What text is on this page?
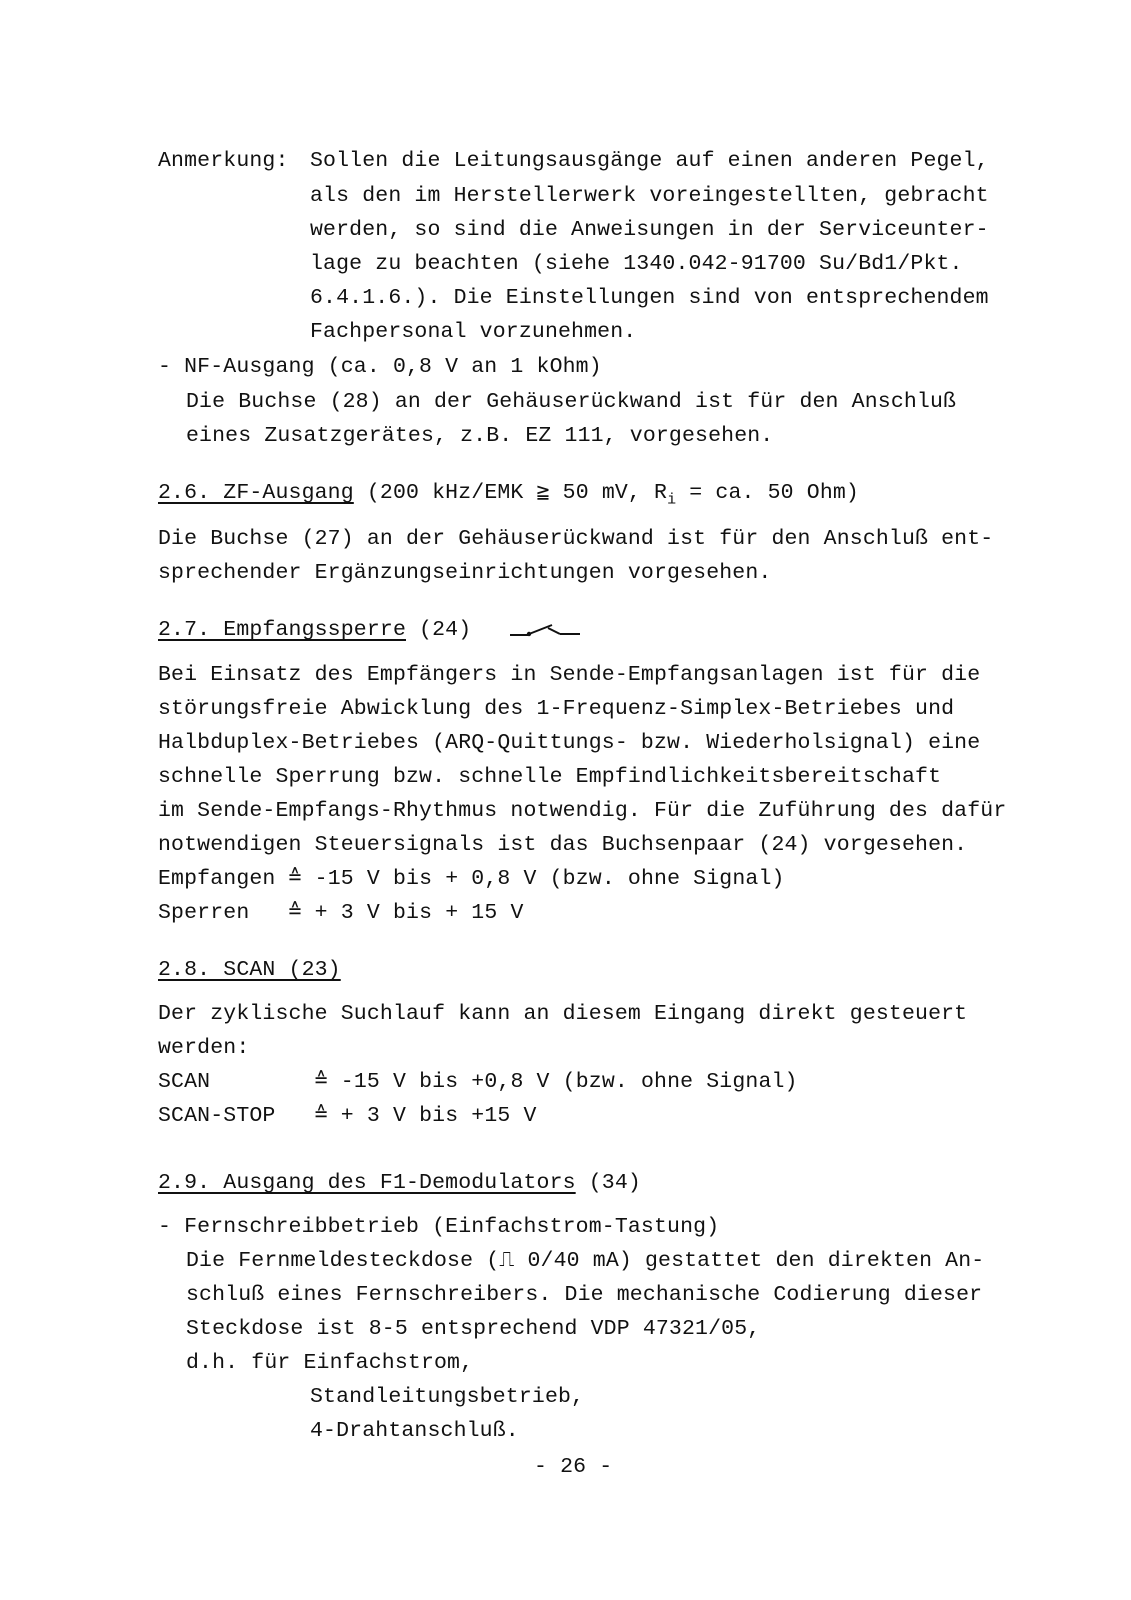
Anmerkung: Sollen die Leitungsausgänge auf einen anderen Pegel,
als den im Herstellerwerk voreingestellten, gebracht
werden, so sind die Anweisungen in der Serviceunter-
lage zu beachten (siehe 1340.042-91700 Su/Bd1/Pkt.
6.4.1.6.). Die Einstellungen sind von entsprechendem
Fachpersonal vorzunehmen.
- NF-Ausgang (ca. 0,8 V an 1 kOhm)
Die Buchse (28) an der Gehäuserückwand ist für den Anschluß
eines Zusatzgerätes, z.B. EZ 111, vorgesehen.
2.6. ZF-Ausgang (200 kHz/EMK ≧ 50 mV, $R_i$ = ca. 50 Ohm)
Die Buchse (27) an der Gehäuserückwand ist für den Anschluß ent-
sprechender Ergänzungseinrichtungen vorgesehen.
2.7. Empfangssperre (24)
Bei Einsatz des Empfängers in Sende-Empfangsanlagen ist für die
störungsfreie Abwicklung des 1-Frequenz-Simplex-Betriebes und
Halbduplex-Betriebes (ARQ-Quittungs- bzw. Wiederholsignal) eine
schnelle Sperrung bzw. schnelle Empfindlichkeitsbereitschaft
im Sende-Empfangs-Rhythmus notwendig. Für die Zuführung des dafür
notwendigen Steuersignals ist das Buchsenpaar (24) vorgesehen.
Empfangen ≙ -15 V bis + 0,8 V (bzw. ohne Signal)
Sperren   ≙ + 3 V bis + 15 V
2.8. SCAN (23)
Der zyklische Suchlauf kann an diesem Eingang direkt gesteuert
werden:
SCAN        ≙ -15 V bis +0,8 V (bzw. ohne Signal)
SCAN-STOP   ≙ + 3 V bis +15 V
2.9. Ausgang des F1-Demodulators (34)
- Fernschreibbetrieb (Einfachstrom-Tastung)
Die Fernmeldesteckdose (⎍ 0/40 mA) gestattet den direkten An-
schluß eines Fernschreibers. Die mechanische Codierung dieser
Steckdose ist 8-5 entsprechend VDP 47321/05,
d.h. für Einfachstrom,
Standleitungsbetrieb,
4-Drahtanschluß.
- 26 -
